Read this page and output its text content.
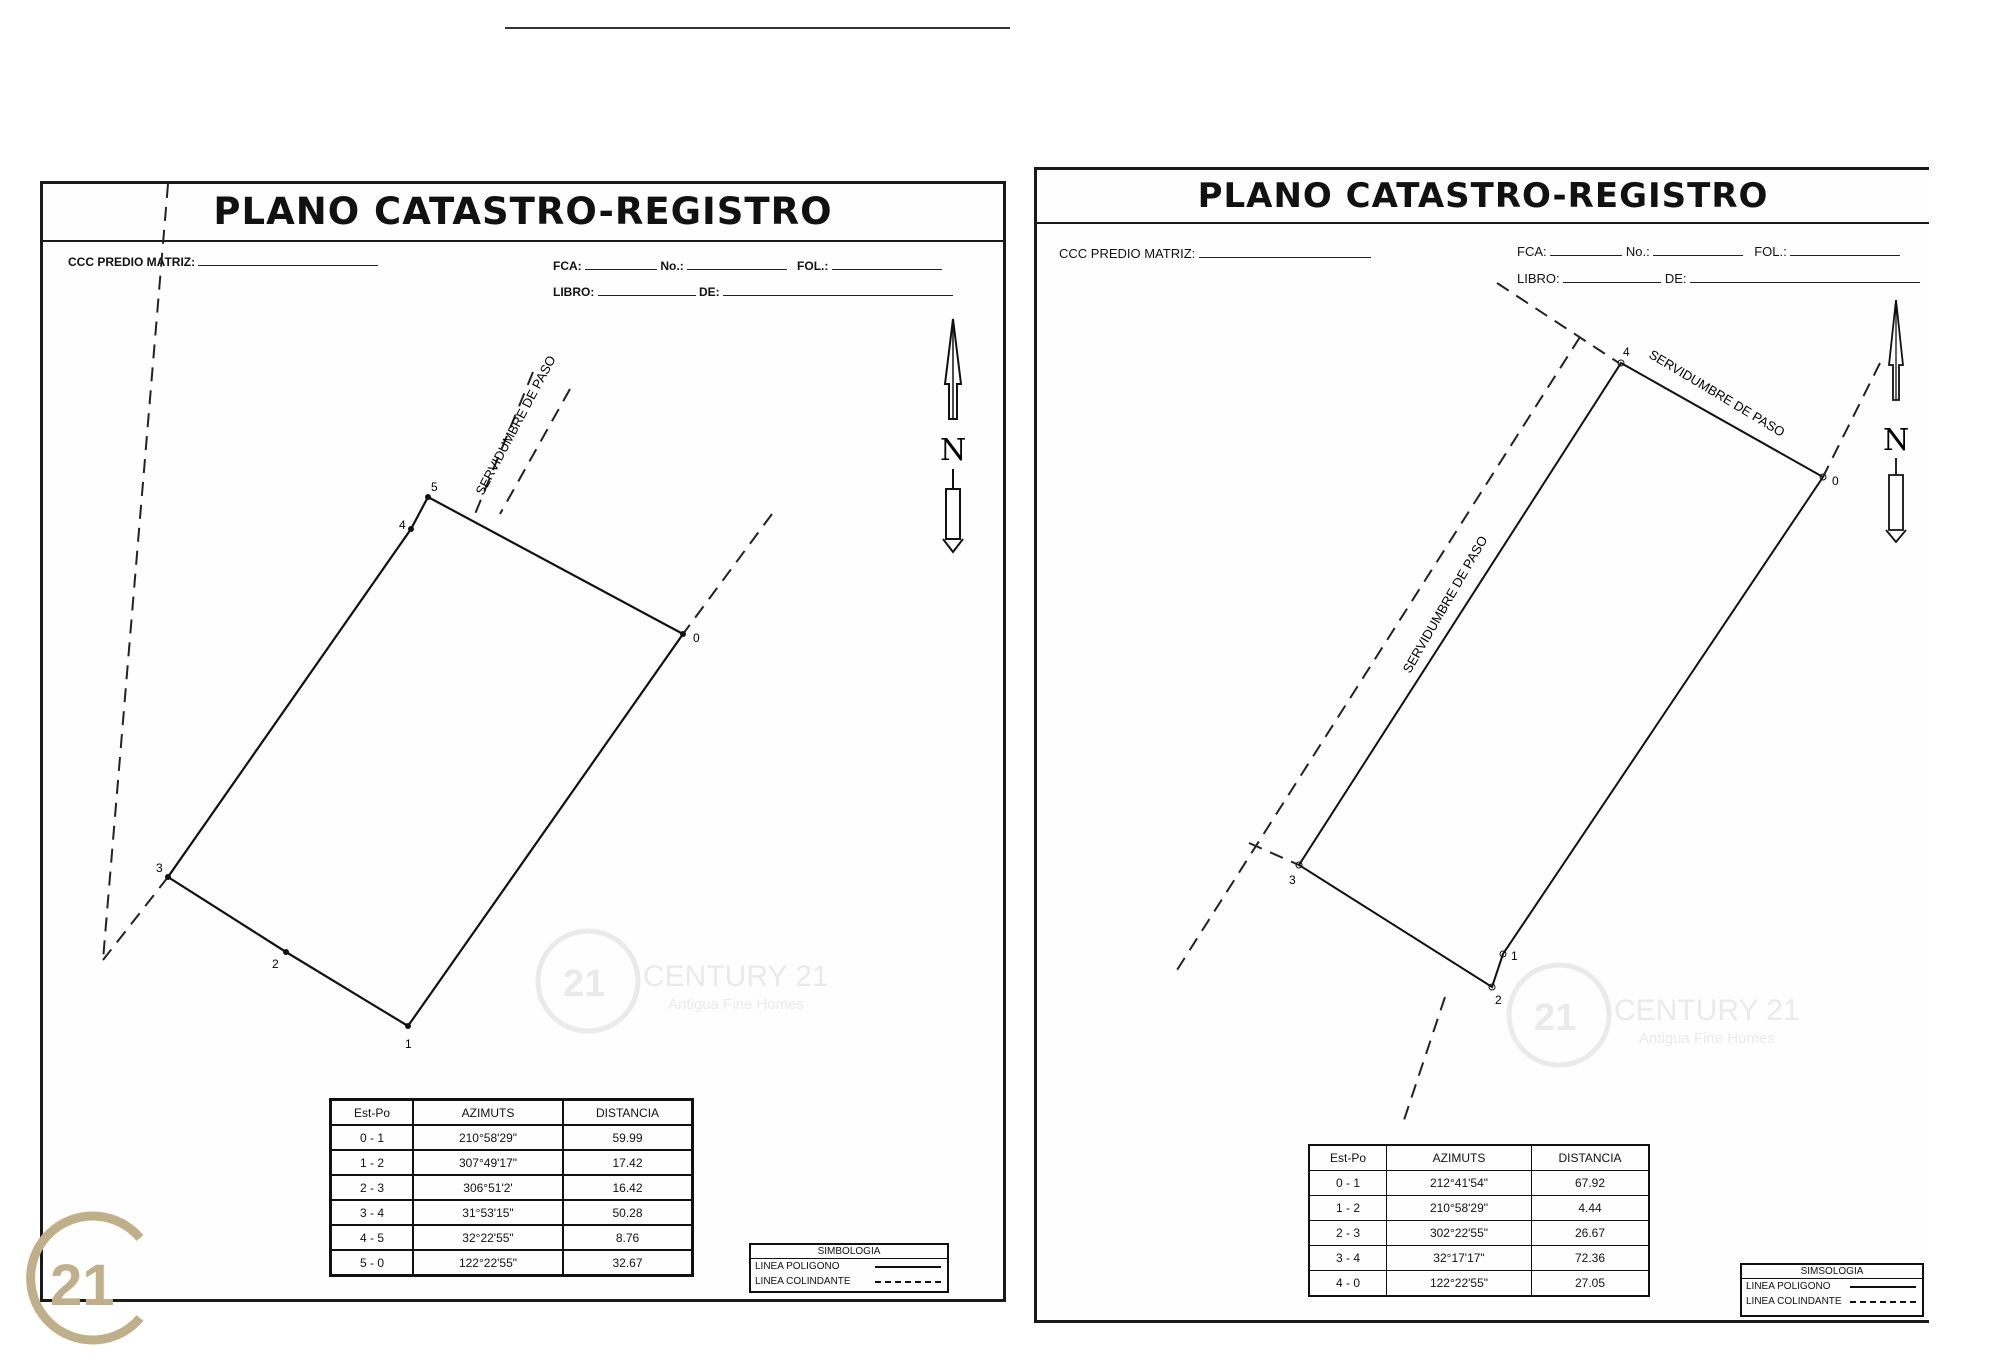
PLANO CATASTRO-REGISTRO
CCC PREDIO MATRIZ:	FCA:	No.:	FOL.:
LIBRO:	DE:
0
1
2
3
4
5	SERVIDUMBRE DE PASO	N
21 CENTURY 21
Antigua Fine Homes
Est-Po	AZIMUTS	DISTANCIA
0 - 1	210°58'29"	59.99
1 - 2	307°49'17"	17.42
2 - 3	306°51'2'	16.42
3 - 4	31°53'15"	50.28
4 - 5	32°22'55"	8.76
5 - 0	122°22'55"	32.67
SIMBOLOGIA
LINEA POLIGONO
LINEA COLINDANTE
PLANO CATASTRO-REGISTRO
CCC PREDIO MATRIZ:	FCA:	No.:	FOL.:
LIBRO:	DE:
0
1
2
3
4 SERVIDUMBRE DE PASO
SERVIDUMBRE DE PASO
N
21 CENTURY 21
Antigua Fine Homes
Est-Po	AZIMUTS	DISTANCIA
0 - 1	212°41'54"	67.92
1 - 2	210°58'29"	4.44
2 - 3	302°22'55"	26.67
3 - 4	32°17'17"	72.36
4 - 0	122°22'55"	27.05
SIMSOLOGIA
LINEA POLIGONO
LINEA COLINDANTE
21
